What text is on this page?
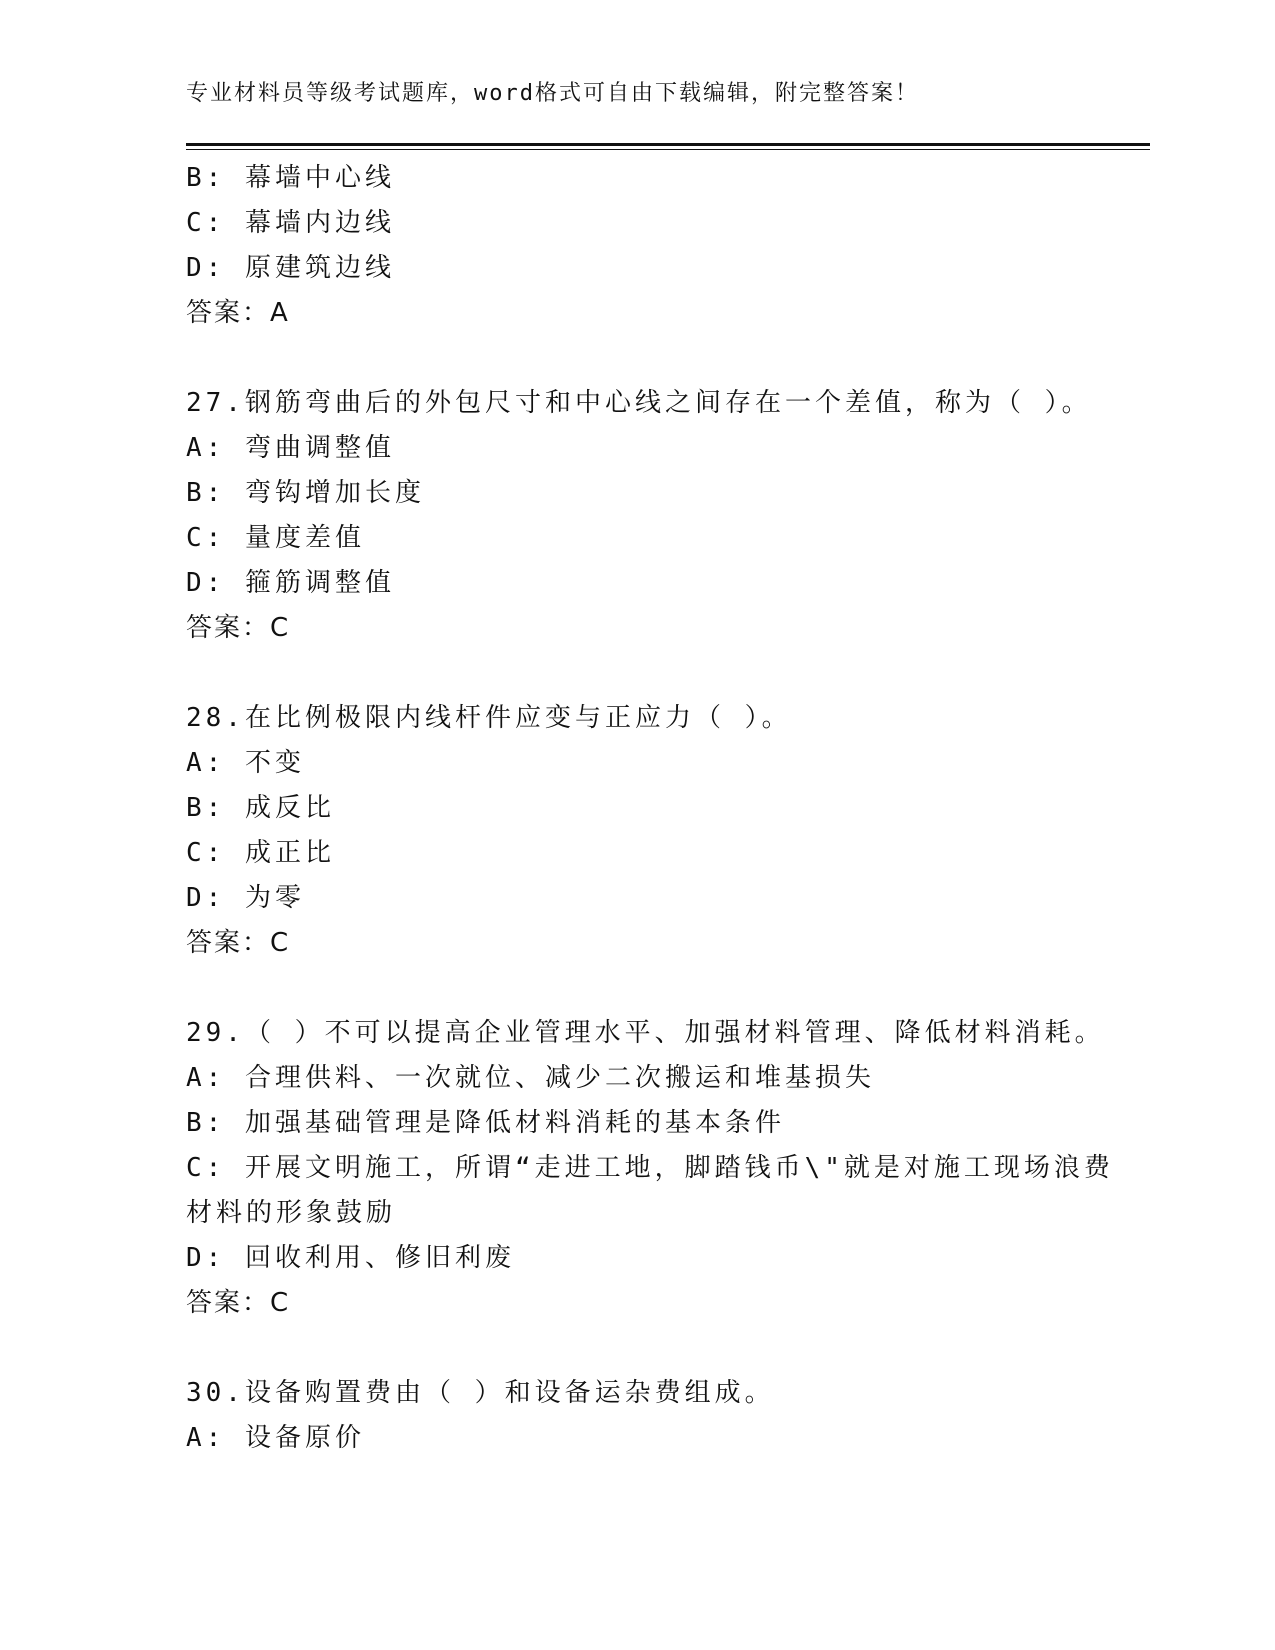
专业材料员等级考试题库，word格式可自由下载编辑，附完整答案！
B: 幕墙中心线
C: 幕墙内边线
D: 原建筑边线
答案：A
27.钢筋弯曲后的外包尺寸和中心线之间存在一个差值，称为（ ）。
A: 弯曲调整值
B: 弯钩增加长度
C: 量度差值
D: 箍筋调整值
答案：C
28.在比例极限内线杆件应变与正应力（ ）。
A: 不变
B: 成反比
C: 成正比
D: 为零
答案：C
29.（ ）不可以提高企业管理水平、加强材料管理、降低材料消耗。
A: 合理供料、一次就位、减少二次搬运和堆基损失
B: 加强基础管理是降低材料消耗的基本条件
C: 开展文明施工，所谓“走进工地，脚踏钱币\"就是对施工现场浪费
材料的形象鼓励
D: 回收利用、修旧利废
答案：C
30.设备购置费由（ ）和设备运杂费组成。
A: 设备原价
